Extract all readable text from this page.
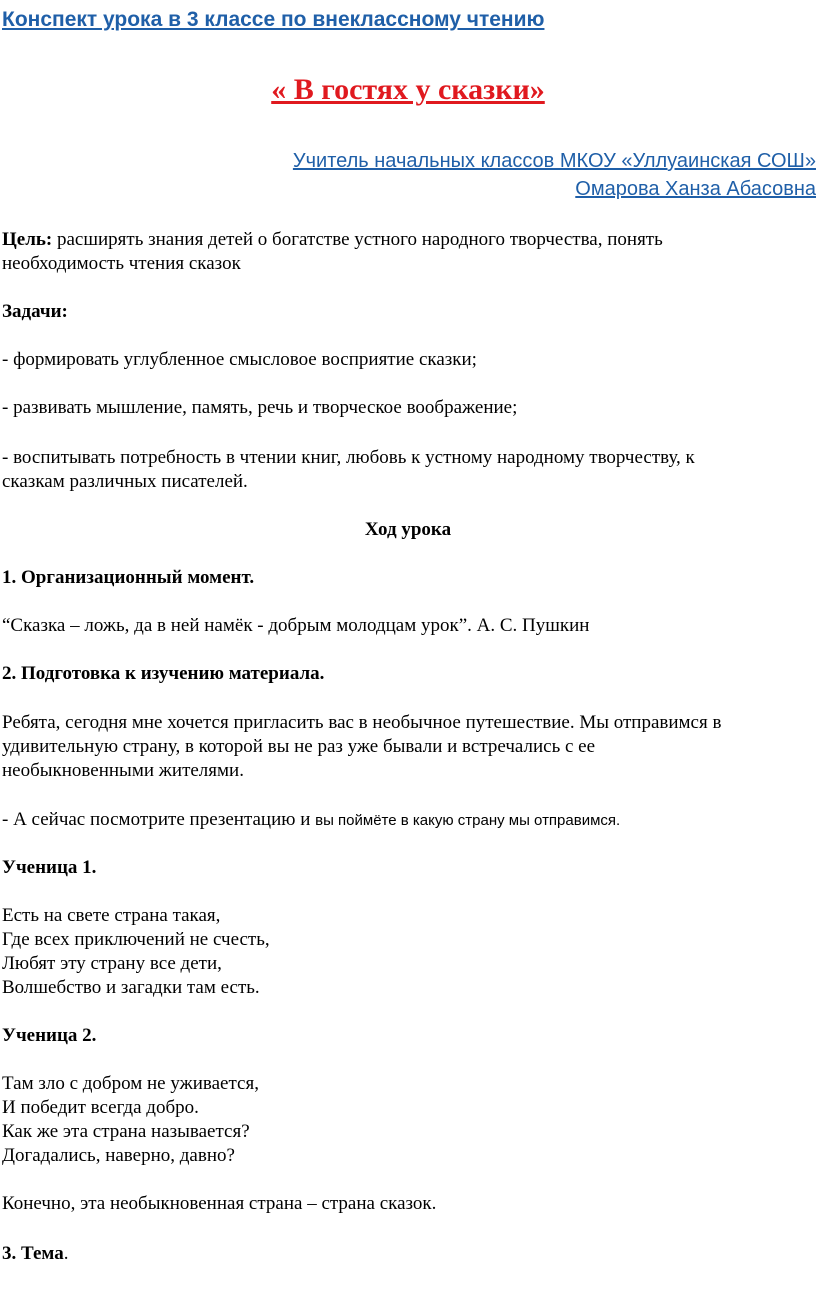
Конспект урока в 3 классе по внеклассному чтению

« В гостях у сказки»

Учитель начальных классов МКОУ «Уллуаинская СОШ»

Омарова Ханза Абасовна

Цель: расширять знания детей о богатстве устного народного творчества, понять

необходимость чтения сказок

Задачи:

- формировать углубленное смысловое восприятие сказки;

- развивать мышление, память, речь и творческое воображение;

- воспитывать потребность в чтении книг, любовь к устному народному творчеству, к

сказкам различных писателей.

Ход урока

1. Организационный момент.

“Сказка – ложь, да в ней намёк - добрым молодцам урок”. А. С. Пушкин

2. Подготовка к изучению материала.

Ребята, сегодня мне хочется пригласить вас в необычное путешествие. Мы отправимся в

удивительную страну, в которой вы не раз уже бывали и встречались с ее

необыкновенными жителями.

- А сейчас посмотрите презентацию и вы поймёте в какую страну мы отправимся.

Ученица 1.

Есть на свете страна такая,

Где всех приключений не счесть,

Любят эту страну все дети,

Волшебство и загадки там есть.

Ученица 2.

Там зло с добром не уживается,

И победит всегда добро.

Как же эта страна называется?

Догадались, наверно, давно?

Конечно, эта необыкновенная страна – страна сказок.

3. Тема.
